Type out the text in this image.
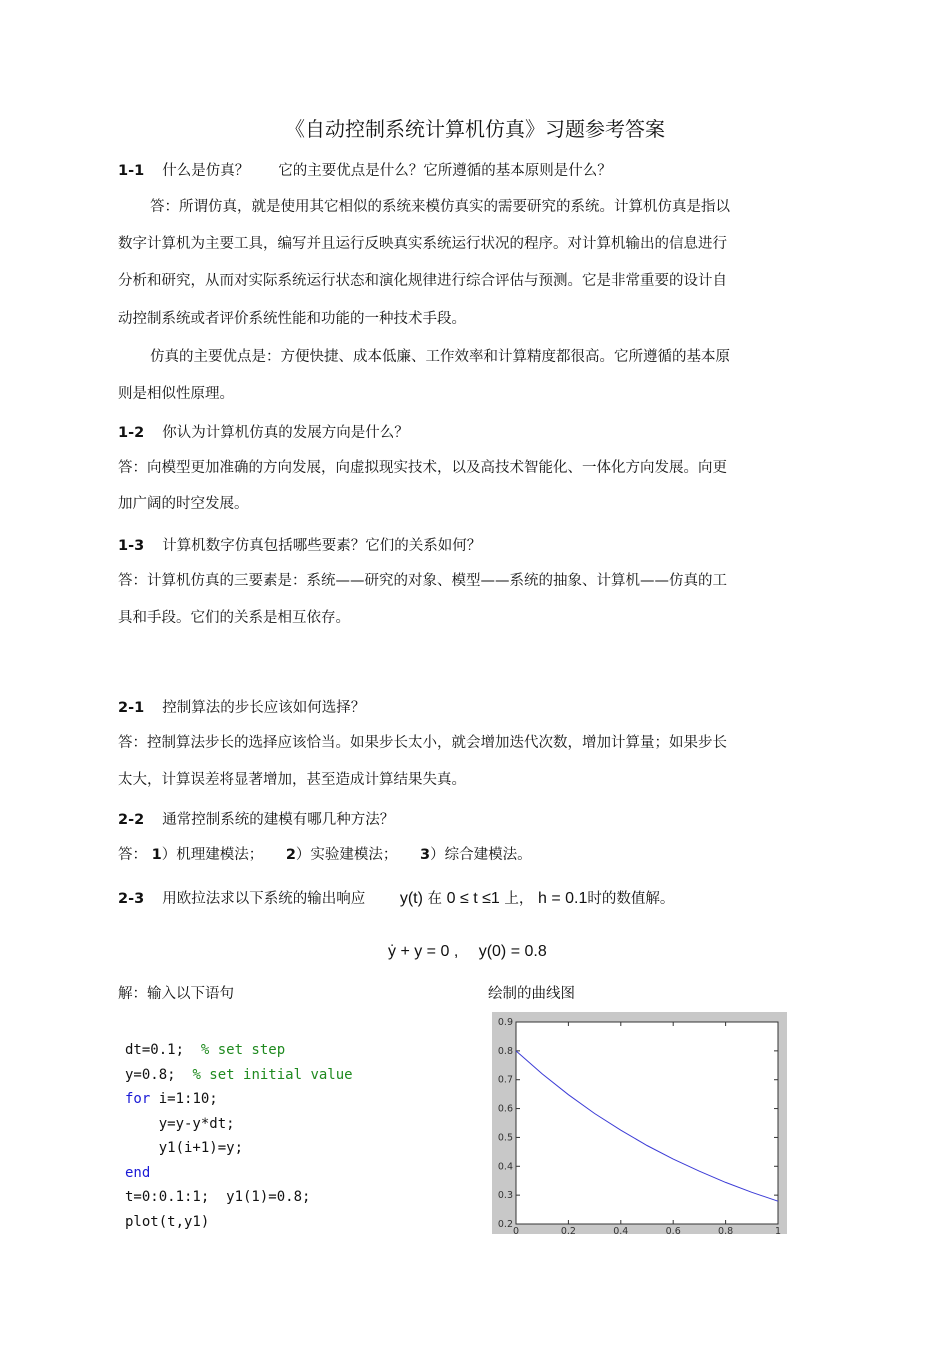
《自动控制系统计算机仿真》习题参考答案
1-1 什么是仿真？　　它的主要优点是什么？它所遵循的基本原则是什么？
答：所谓仿真，就是使用其它相似的系统来模仿真实的需要研究的系统。计算机仿真是指以
数字计算机为主要工具，编写并且运行反映真实系统运行状况的程序。对计算机输出的信息进行
分析和研究，从而对实际系统运行状态和演化规律进行综合评估与预测。它是非常重要的设计自
动控制系统或者评价系统性能和功能的一种技术手段。
仿真的主要优点是：方便快捷、成本低廉、工作效率和计算精度都很高。它所遵循的基本原
则是相似性原理。
1-2 你认为计算机仿真的发展方向是什么？
答：向模型更加准确的方向发展，向虚拟现实技术，以及高技术智能化、一体化方向发展。向更
加广阔的时空发展。
1-3 计算机数字仿真包括哪些要素？它们的关系如何？
答：计算机仿真的三要素是：系统——研究的对象、模型——系统的抽象、计算机——仿真的工
具和手段。它们的关系是相互依存。
2-1 控制算法的步长应该如何选择？
答：控制算法步长的选择应该恰当。如果步长太小，就会增加迭代次数，增加计算量；如果步长
太大，计算误差将显著增加，甚至造成计算结果失真。
2-2 通常控制系统的建模有哪几种方法？
答： 1）机理建模法； 2）实验建模法； 3）综合建模法。
2-3 用欧拉法求以下系统的输出响应 y(t) 在 0 ≤ t ≤1 上， h = 0.1时的数值解。
ẏ + y = 0 ,　 y(0) = 0.8
解：输入以下语句	绘制的曲线图
dt=0.1;  % set step
y=0.8;  % set initial value
for i=1:10;
y=y-y*dt;
y1(i+1)=y;
end
t=0:0.1:1;  y1(1)=0.8;
plot(t,y1)	0.2
0.3
0.4
0.5
0.6
0.7
0.8
0.9
0	0.2	0.4	0.6	0.8	1
